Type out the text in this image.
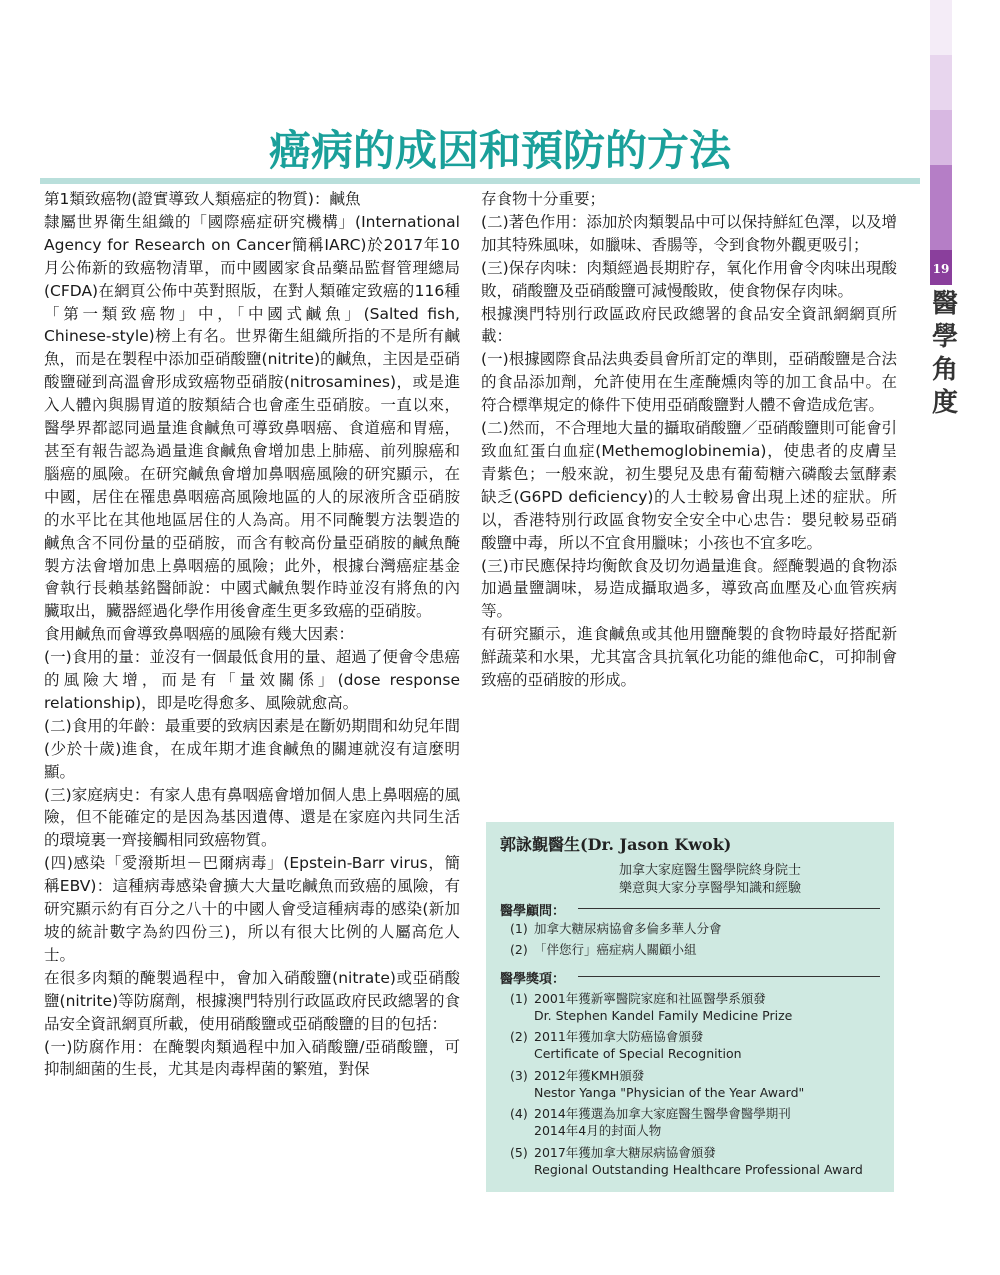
19
醫
學
角
度
癌病的成因和預防的方法

第1類致癌物(證實導致人類癌症的物質)：鹹魚

隸屬世界衛生組織的「國際癌症研究機構」(International Agency for Research on Cancer簡稱IARC)於2017年10月公佈新的致癌物清單，而中國國家食品藥品監督管理總局(CFDA)在網頁公佈中英對照版，在對人類確定致癌的116種「第一類致癌物」中，「中國式鹹魚」(Salted fish, Chinese-style)榜上有名。世界衛生組織所指的不是所有鹹魚，而是在製程中添加亞硝酸鹽(nitrite)的鹹魚，主因是亞硝酸鹽碰到高溫會形成致癌物亞硝胺(nitrosamines)，或是進入人體內與腸胃道的胺類結合也會產生亞硝胺。一直以來，醫學界都認同過量進食鹹魚可導致鼻咽癌、食道癌和胃癌，甚至有報告認為過量進食鹹魚會增加患上肺癌、前列腺癌和腦癌的風險。在研究鹹魚會增加鼻咽癌風險的研究顯示，在中國，居住在罹患鼻咽癌高風險地區的人的尿液所含亞硝胺的水平比在其他地區居住的人為高。用不同醃製方法製造的鹹魚含不同份量的亞硝胺，而含有較高份量亞硝胺的鹹魚醃製方法會增加患上鼻咽癌的風險；此外，根據台灣癌症基金會執行長賴基銘醫師說：中國式鹹魚製作時並沒有將魚的內臟取出，臟器經過化學作用後會產生更多致癌的亞硝胺。

食用鹹魚而會導致鼻咽癌的風險有幾大因素：

(一)食用的量：並沒有一個最低食用的量、超過了便會令患癌的風險大增，而是有「量效關係」(dose response relationship)，即是吃得愈多、風險就愈高。

(二)食用的年齡：最重要的致病因素是在斷奶期間和幼兒年間(少於十歲)進食，在成年期才進食鹹魚的關連就沒有這麼明顯。

(三)家庭病史：有家人患有鼻咽癌會增加個人患上鼻咽癌的風險，但不能確定的是因為基因遺傳、還是在家庭內共同生活的環境裏一齊接觸相同致癌物質。

(四)感染「愛潑斯坦－巴爾病毒」(Epstein-Barr virus，簡稱EBV)：這種病毒感染會擴大大量吃鹹魚而致癌的風險，有研究顯示約有百分之八十的中國人會受這種病毒的感染(新加坡的統計數字為約四份三)，所以有很大比例的人屬高危人士。

在很多肉類的醃製過程中，會加入硝酸鹽(nitrate)或亞硝酸鹽(nitrite)等防腐劑，根據澳門特別行政區政府民政總署的食品安全資訊網頁所載，使用硝酸鹽或亞硝酸鹽的目的包括：

(一)防腐作用：在醃製肉類過程中加入硝酸鹽/亞硝酸鹽，可抑制細菌的生長，尤其是肉毒桿菌的繁殖，對保

存食物十分重要；

(二)著色作用：添加於肉類製品中可以保持鮮紅色澤，以及增加其特殊風味，如臘味、香腸等，令到食物外觀更吸引；

(三)保存肉味：肉類經過長期貯存，氧化作用會令肉味出現酸敗，硝酸鹽及亞硝酸鹽可減慢酸敗，使食物保存肉味。

根據澳門特別行政區政府民政總署的食品安全資訊網網頁所載：

(一)根據國際食品法典委員會所訂定的準則，亞硝酸鹽是合法的食品添加劑，允許使用在生產醃燻肉等的加工食品中。在符合標準規定的條件下使用亞硝酸鹽對人體不會造成危害。

(二)然而，不合理地大量的攝取硝酸鹽／亞硝酸鹽則可能會引致血紅蛋白血症(Methemoglobinemia)，使患者的皮膚呈青紫色；一般來說，初生嬰兒及患有葡萄糖六磷酸去氫酵素缺乏(G6PD deficiency)的人士較易會出現上述的症狀。所以，香港特別行政區食物安全安全中心忠告：嬰兒較易亞硝酸鹽中毒，所以不宜食用臘味；小孩也不宜多吃。

(三)市民應保持均衡飲食及切勿過量進食。經醃製過的食物添加過量鹽調味，易造成攝取過多，導致高血壓及心血管疾病等。

有研究顯示，進食鹹魚或其他用鹽醃製的食物時最好搭配新鮮蔬菜和水果，尤其富含具抗氧化功能的維他命C，可抑制會致癌的亞硝胺的形成。

郭詠覲醫生(Dr. Jason Kwok)
加拿大家庭醫生醫學院終身院士
樂意與大家分享醫學知識和經驗
醫學顧問：
(1) 加拿大糖尿病協會多倫多華人分會
(2) 「伴您行」癌症病人關顧小組
醫學獎項：
(1) 2001年獲新寧醫院家庭和社區醫學系頒發
Dr. Stephen Kandel Family Medicine Prize
(2) 2011年獲加拿大防癌協會頒發
Certificate of Special Recognition
(3) 2012年獲KMH頒發
Nestor Yanga "Physician of the Year Award"
(4) 2014年獲選為加拿大家庭醫生醫學會醫學期刊
2014年4月的封面人物
(5) 2017年獲加拿大糖尿病協會頒發
Regional Outstanding Healthcare Professional Award
